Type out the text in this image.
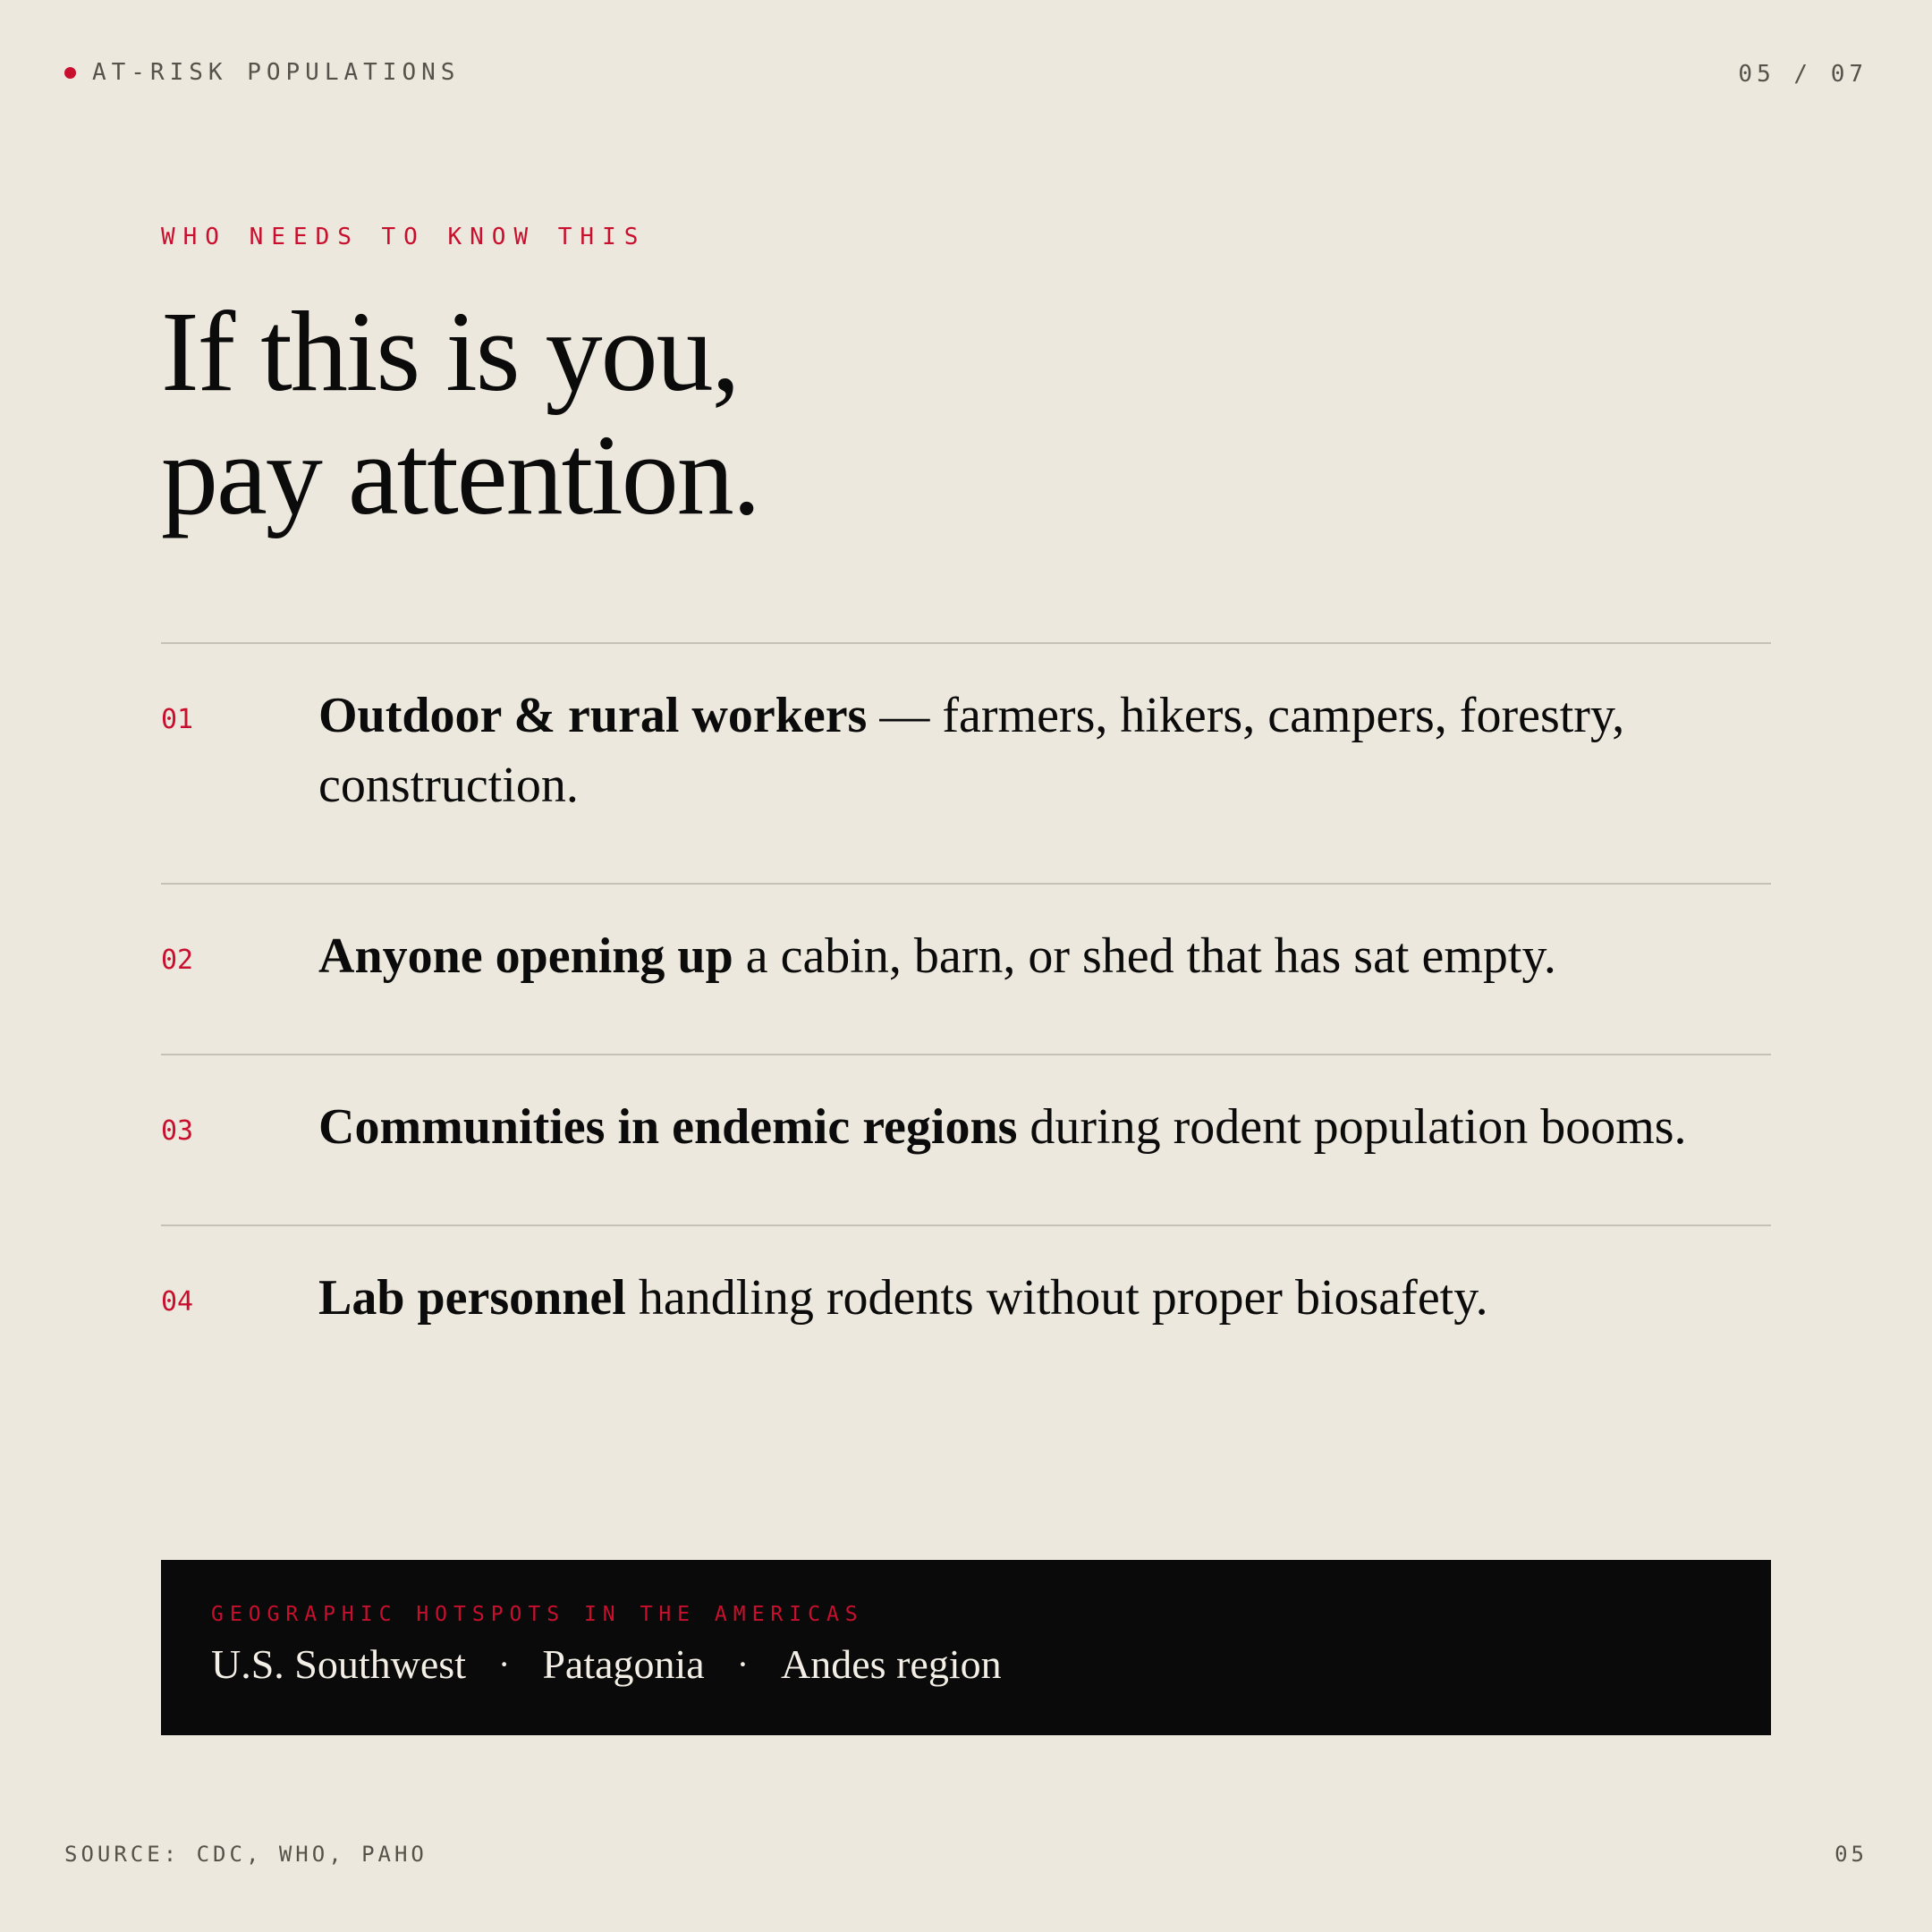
AT-RISK POPULATIONS	05 / 07
WHO NEEDS TO KNOW THIS
If this is you,
pay attention.
01	Outdoor & rural workers — farmers, hikers, campers, forestry, construction.
02	Anyone opening up a cabin, barn, or shed that has sat empty.
03	Communities in endemic regions during rodent population booms.
04	Lab personnel handling rodents without proper biosafety.
GEOGRAPHIC HOTSPOTS IN THE AMERICAS
U.S. Southwest · Patagonia · Andes region
SOURCE: CDC, WHO, PAHO	05
